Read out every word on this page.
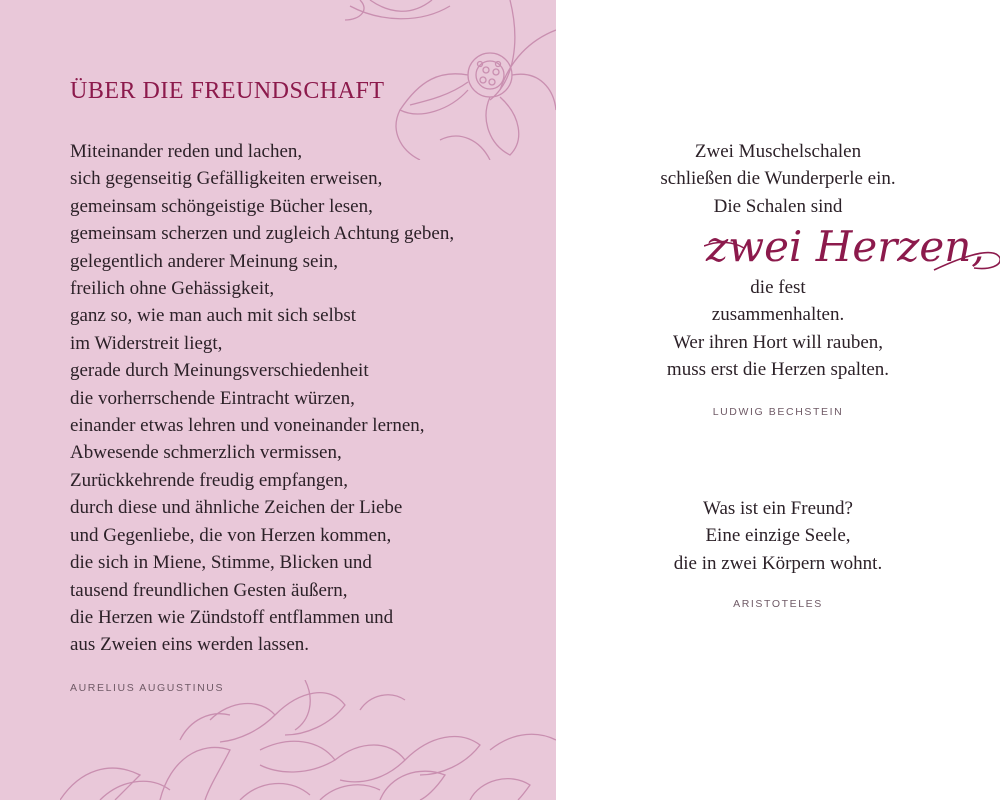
ÜBER DIE FREUNDSCHAFT
Miteinander reden und lachen,
sich gegenseitig Gefälligkeiten erweisen,
gemeinsam schöngeistige Bücher lesen,
gemeinsam scherzen und zugleich Achtung geben,
gelegentlich anderer Meinung sein,
freilich ohne Gehässigkeit,
ganz so, wie man auch mit sich selbst
im Widerstreit liegt,
gerade durch Meinungsverschiedenheit
die vorherrschende Eintracht würzen,
einander etwas lehren und voneinander lernen,
Abwesende schmerzlich vermissen,
Zurückkehrende freudig empfangen,
durch diese und ähnliche Zeichen der Liebe
und Gegenliebe, die von Herzen kommen,
die sich in Miene, Stimme, Blicken und
tausend freundlichen Gesten äußern,
die Herzen wie Zündstoff entflammen und
aus Zweien eins werden lassen.
AURELIUS AUGUSTINUS
Zwei Muschelschalen
schließen die Wunderperle ein.
Die Schalen sind
zwei Herzen,
die fest
zusammenhalten.
Wer ihren Hort will rauben,
muss erst die Herzen spalten.
LUDWIG BECHSTEIN
Was ist ein Freund?
Eine einzige Seele,
die in zwei Körpern wohnt.
ARISTOTELES
